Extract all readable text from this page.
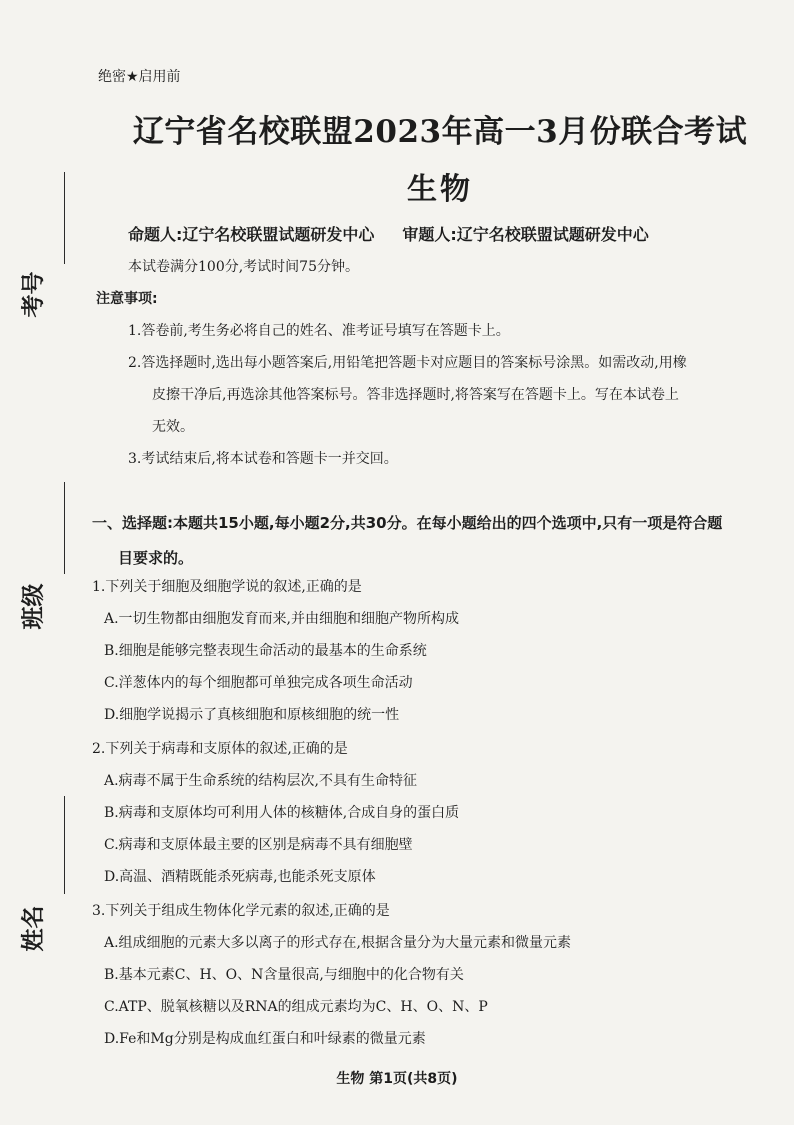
考号
班级
姓名
绝密★启用前
辽宁省名校联盟2023年高一3月份联合考试
生物
命题人:辽宁名校联盟试题研发中心 审题人:辽宁名校联盟试题研发中心
本试卷满分100分,考试时间75分钟。
注意事项:
1.答卷前,考生务必将自己的姓名、准考证号填写在答题卡上。
2.答选择题时,选出每小题答案后,用铅笔把答题卡对应题目的答案标号涂黑。如需改动,用橡
皮擦干净后,再选涂其他答案标号。答非选择题时,将答案写在答题卡上。写在本试卷上
无效。
3.考试结束后,将本试卷和答题卡一并交回。
一、选择题:本题共15小题,每小题2分,共30分。在每小题给出的四个选项中,只有一项是符合题
目要求的。
1.下列关于细胞及细胞学说的叙述,正确的是
A.一切生物都由细胞发育而来,并由细胞和细胞产物所构成
B.细胞是能够完整表现生命活动的最基本的生命系统
C.洋葱体内的每个细胞都可单独完成各项生命活动
D.细胞学说揭示了真核细胞和原核细胞的统一性
2.下列关于病毒和支原体的叙述,正确的是
A.病毒不属于生命系统的结构层次,不具有生命特征
B.病毒和支原体均可利用人体的核糖体,合成自身的蛋白质
C.病毒和支原体最主要的区别是病毒不具有细胞壁
D.高温、酒精既能杀死病毒,也能杀死支原体
3.下列关于组成生物体化学元素的叙述,正确的是
A.组成细胞的元素大多以离子的形式存在,根据含量分为大量元素和微量元素
B.基本元素C、H、O、N含量很高,与细胞中的化合物有关
C.ATP、脱氧核糖以及RNA的组成元素均为C、H、O、N、P
D.Fe和Mg分别是构成血红蛋白和叶绿素的微量元素
生物 第1页(共8页)
